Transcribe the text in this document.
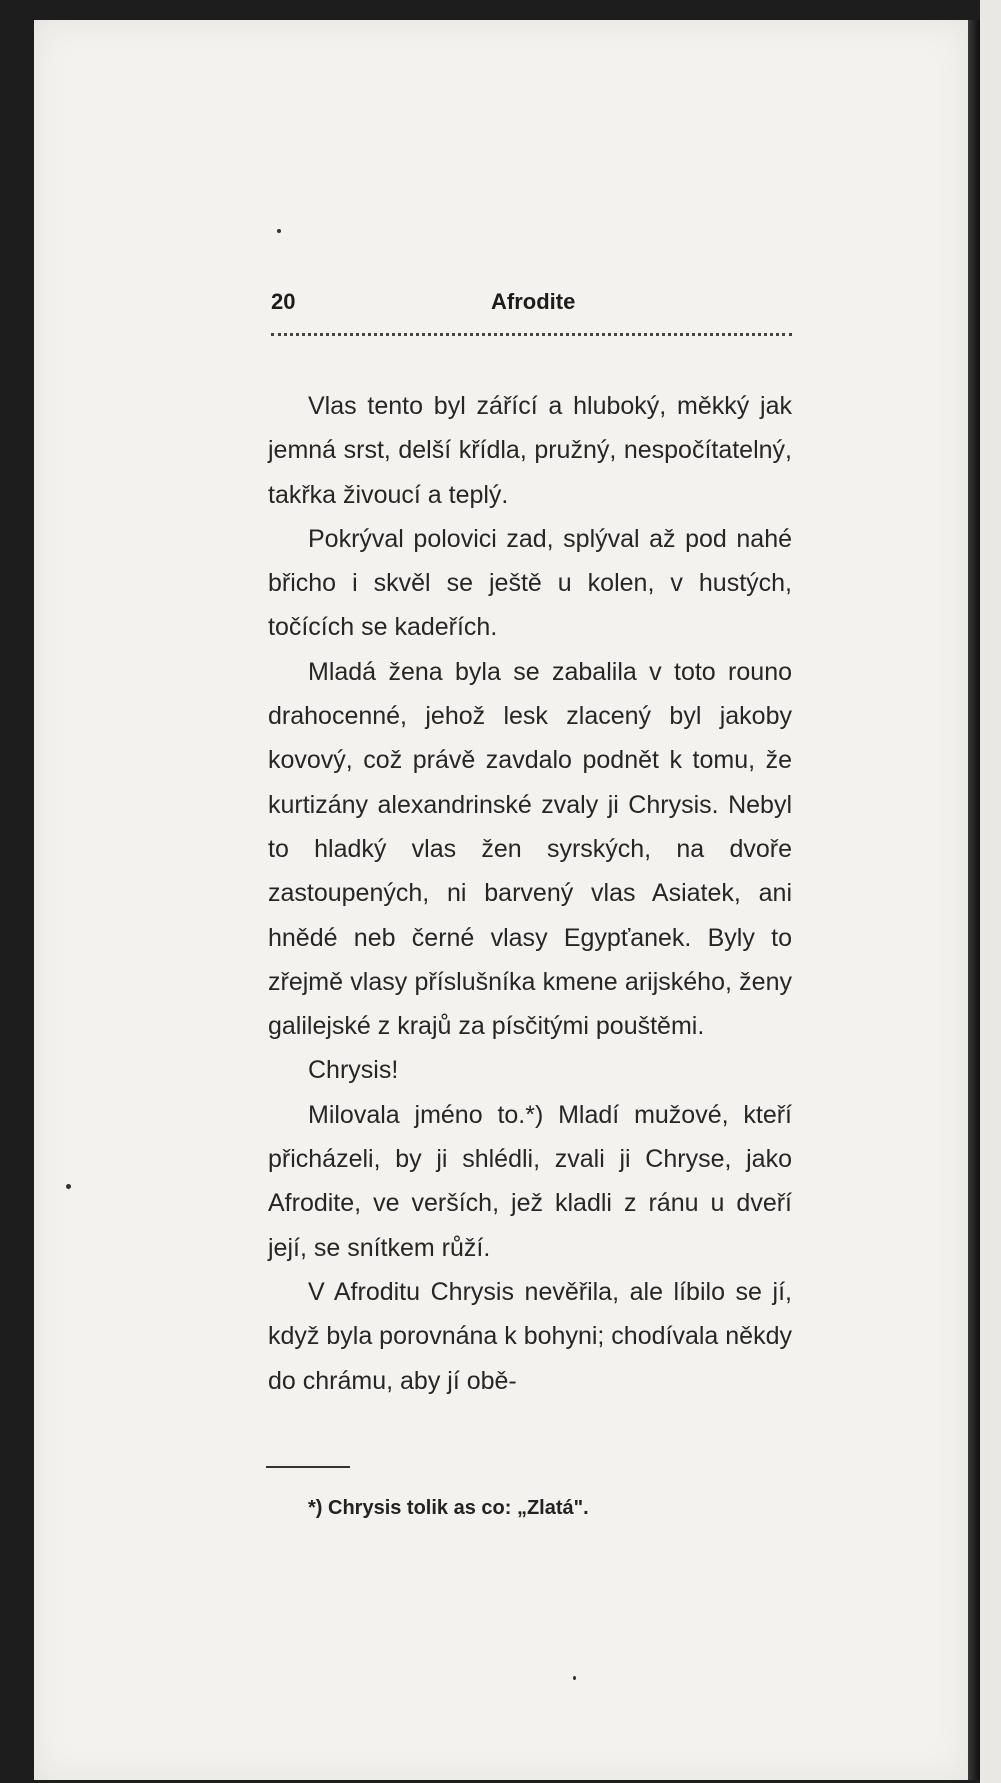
20	Afrodite

Vlas tento byl zářící a hluboký, měkký jak jemná srst, delší křídla, pružný, nespočítatelný, takřka živoucí a teplý.

Pokrýval polovici zad, splýval až pod nahé břicho i skvěl se ještě u kolen, v hustých, točících se kadeřích.

Mladá žena byla se zabalila v toto rouno drahocenné, jehož lesk zlacený byl jakoby kovový, což právě zavdalo podnět k tomu, že kurtizány alexandrinské zvaly ji Chrysis. Nebyl to hladký vlas žen syrských, na dvoře zastoupených, ni barvený vlas Asiatek, ani hnědé neb černé vlasy Egypťanek. Byly to zřejmě vlasy příslušníka kmene arijského, ženy galilejské z krajů za písčitými pouštěmi.

Chrysis!

Milovala jméno to.*) Mladí mužové, kteří přicházeli, by ji shlédli, zvali ji Chryse, jako Afrodite, ve verších, jež kladli z ránu u dveří její, se snítkem růží.

V Afroditu Chrysis nevěřila, ale líbilo se jí, když byla porovnána k bohyni; chodívala někdy do chrámu, aby jí obě-

*) Chrysis tolik as co: „Zlatá".
